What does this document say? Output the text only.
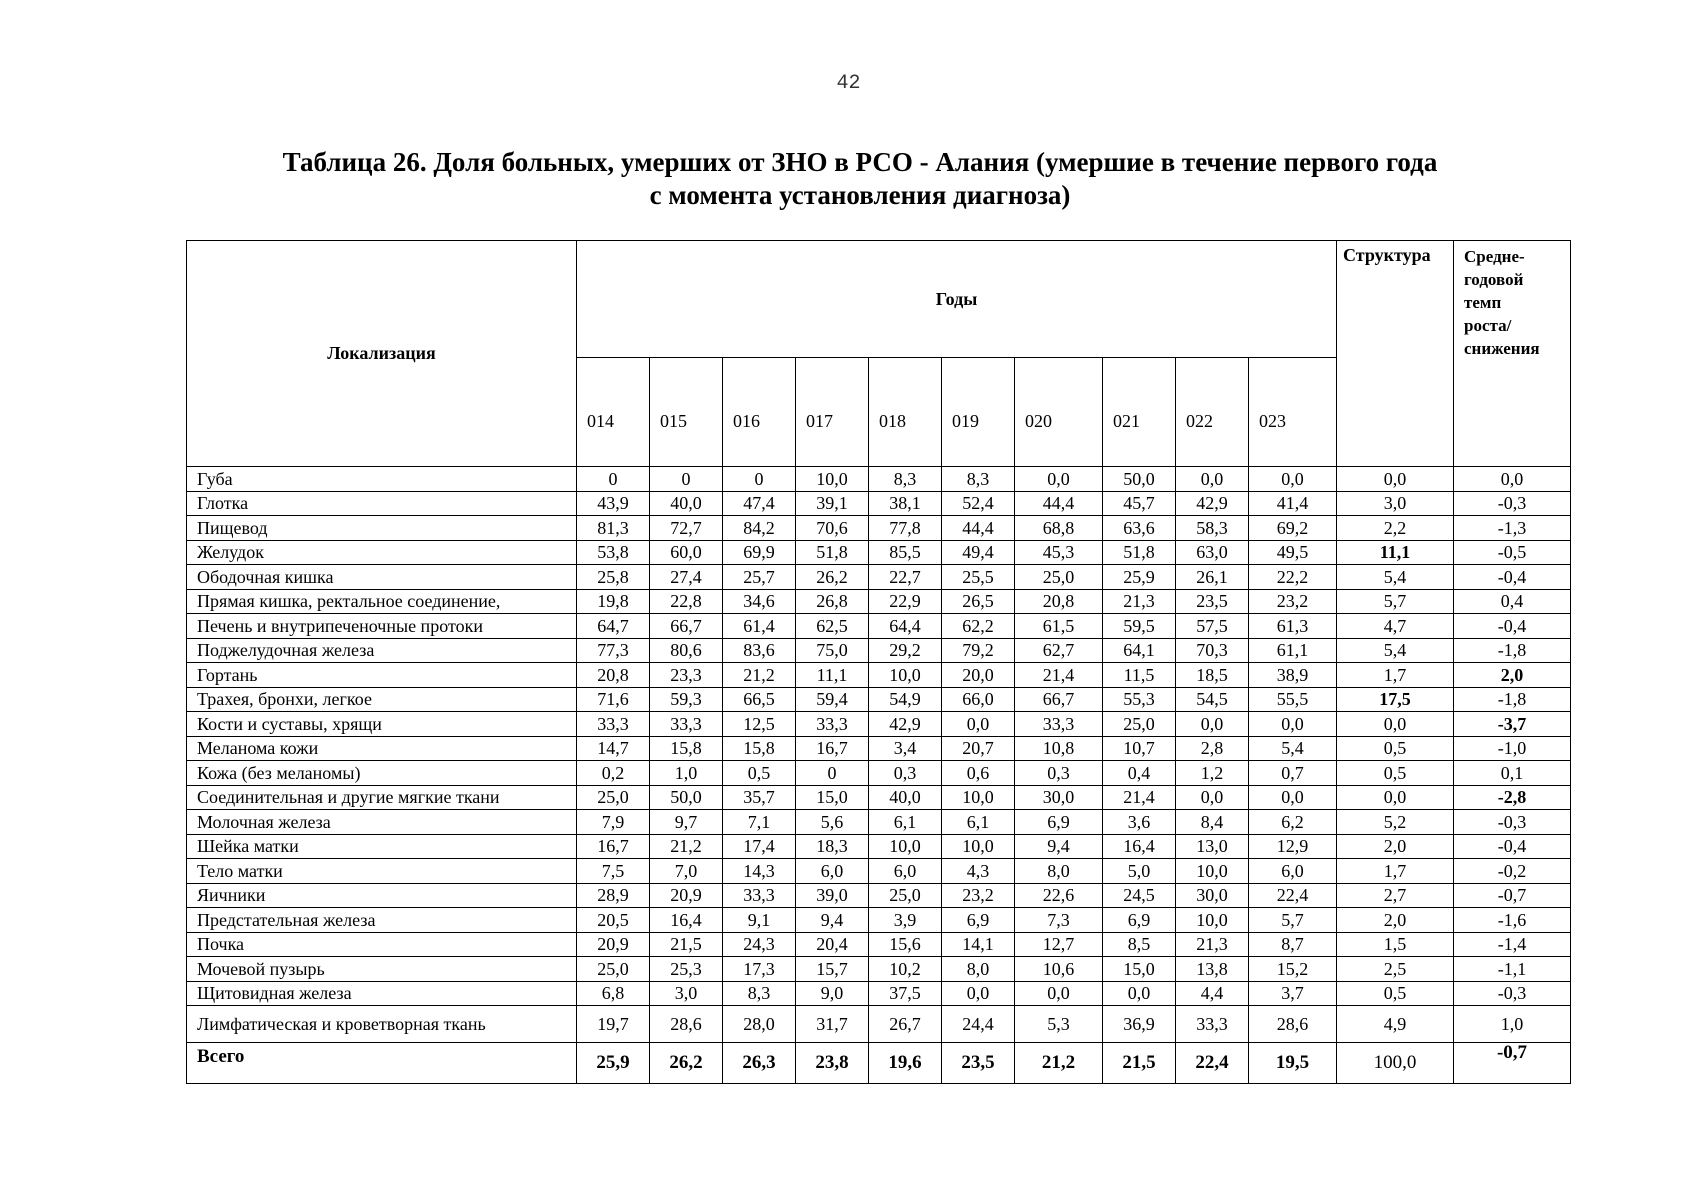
42
Таблица 26. Доля больных, умерших от ЗНО в РСО - Алания (умершие в течение первого года
с момента установления диагноза)
Локализация	Годы										Структура	Средне-
годовой
темп
роста/
снижения

	014	015	016	017	018	019	020	021	022	023		
Губа	0	0	0	10,0	8,3	8,3	0,0	50,0	0,0	0,0	0,0	0,0
Глотка	43,9	40,0	47,4	39,1	38,1	52,4	44,4	45,7	42,9	41,4	3,0	-0,3
Пищевод	81,3	72,7	84,2	70,6	77,8	44,4	68,8	63,6	58,3	69,2	2,2	-1,3
Желудок	53,8	60,0	69,9	51,8	85,5	49,4	45,3	51,8	63,0	49,5	11,1	-0,5
Ободочная кишка	25,8	27,4	25,7	26,2	22,7	25,5	25,0	25,9	26,1	22,2	5,4	-0,4
Прямая кишка, ректальное соединение,	19,8	22,8	34,6	26,8	22,9	26,5	20,8	21,3	23,5	23,2	5,7	0,4
Печень и внутрипеченочные протоки	64,7	66,7	61,4	62,5	64,4	62,2	61,5	59,5	57,5	61,3	4,7	-0,4
Поджелудочная железа	77,3	80,6	83,6	75,0	29,2	79,2	62,7	64,1	70,3	61,1	5,4	-1,8
Гортань	20,8	23,3	21,2	11,1	10,0	20,0	21,4	11,5	18,5	38,9	1,7	2,0
Трахея, бронхи, легкое	71,6	59,3	66,5	59,4	54,9	66,0	66,7	55,3	54,5	55,5	17,5	-1,8
Кости и суставы, хрящи	33,3	33,3	12,5	33,3	42,9	0,0	33,3	25,0	0,0	0,0	0,0	-3,7
Меланома кожи	14,7	15,8	15,8	16,7	3,4	20,7	10,8	10,7	2,8	5,4	0,5	-1,0
Кожа (без меланомы)	0,2	1,0	0,5	0	0,3	0,6	0,3	0,4	1,2	0,7	0,5	0,1
Соединительная и другие мягкие ткани	25,0	50,0	35,7	15,0	40,0	10,0	30,0	21,4	0,0	0,0	0,0	-2,8
Молочная железа	7,9	9,7	7,1	5,6	6,1	6,1	6,9	3,6	8,4	6,2	5,2	-0,3
Шейка матки	16,7	21,2	17,4	18,3	10,0	10,0	9,4	16,4	13,0	12,9	2,0	-0,4
Тело матки	7,5	7,0	14,3	6,0	6,0	4,3	8,0	5,0	10,0	6,0	1,7	-0,2
Яичники	28,9	20,9	33,3	39,0	25,0	23,2	22,6	24,5	30,0	22,4	2,7	-0,7
Предстательная железа	20,5	16,4	9,1	9,4	3,9	6,9	7,3	6,9	10,0	5,7	2,0	-1,6
Почка	20,9	21,5	24,3	20,4	15,6	14,1	12,7	8,5	21,3	8,7	1,5	-1,4
Мочевой пузырь	25,0	25,3	17,3	15,7	10,2	8,0	10,6	15,0	13,8	15,2	2,5	-1,1
Щитовидная железа	6,8	3,0	8,3	9,0	37,5	0,0	0,0	0,0	4,4	3,7	0,5	-0,3
Лимфатическая и кроветворная ткань	19,7	28,6	28,0	31,7	26,7	24,4	5,3	36,9	33,3	28,6	4,9	1,0
Всего	25,9	26,2	26,3	23,8	19,6	23,5	21,2	21,5	22,4	19,5	100,0	-0,7
